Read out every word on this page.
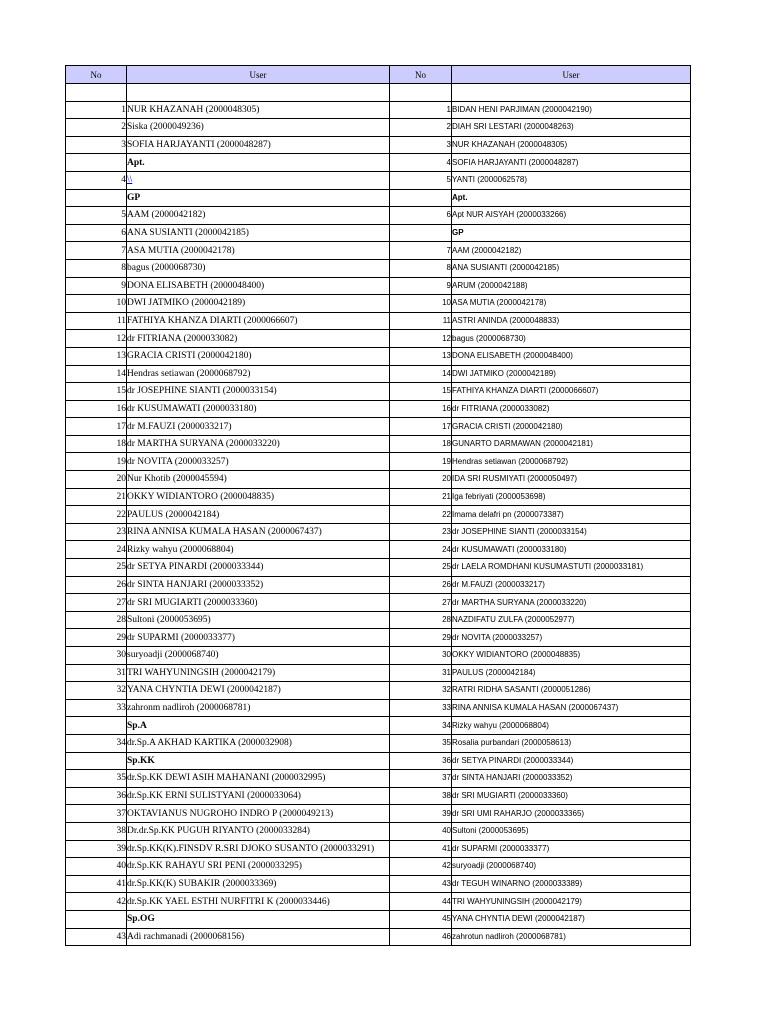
No	User	No	User

1	NUR KHAZANAH (2000048305)	1	BIDAN HENI PARJIMAN (2000042190)
2	Siska (2000049236)	2	DIAH SRI LESTARI (2000048263)
3	SOFIA HARJAYANTI (2000048287)	3	NUR KHAZANAH (2000048305)
	Apt.	4	SOFIA HARJAYANTI (2000048287)
4	\\	5	YANTI (2000062578)
	GP		Apt.
5	AAM (2000042182)	6	Apt NUR AISYAH (2000033266)
6	ANA SUSIANTI (2000042185)		GP
7	ASA MUTIA (2000042178)	7	AAM (2000042182)
8	bagus (2000068730)	8	ANA SUSIANTI (2000042185)
9	DONA ELISABETH (2000048400)	9	ARUM (2000042188)
10	DWI JATMIKO (2000042189)	10	ASA MUTIA (2000042178)
11	FATHIYA KHANZA DIARTI (2000066607)	11	ASTRI ANINDA (2000048833)
12	dr FITRIANA (2000033082)	12	bagus (2000068730)
13	GRACIA CRISTI (2000042180)	13	DONA ELISABETH (2000048400)
14	Hendras setiawan (2000068792)	14	DWI JATMIKO (2000042189)
15	dr JOSEPHINE SIANTI (2000033154)	15	FATHIYA KHANZA DIARTI (2000066607)
16	dr KUSUMAWATI (2000033180)	16	dr FITRIANA (2000033082)
17	dr M.FAUZI (2000033217)	17	GRACIA CRISTI (2000042180)
18	dr MARTHA SURYANA (2000033220)	18	GUNARTO DARMAWAN (2000042181)
19	dr NOVITA (2000033257)	19	Hendras setiawan (2000068792)
20	Nur Khotib (2000045594)	20	IDA SRI RUSMIYATI (2000050497)
21	OKKY WIDIANTORO (2000048835)	21	Iga febriyati (2000053698)
22	PAULUS (2000042184)	22	Imama delafri pn (2000073387)
23	RINA ANNISA KUMALA HASAN (2000067437)	23	dr JOSEPHINE SIANTI (2000033154)
24	Rizky wahyu (2000068804)	24	dr KUSUMAWATI (2000033180)
25	dr SETYA PINARDI (2000033344)	25	dr LAELA ROMDHANI KUSUMASTUTI (2000033181)
26	dr SINTA HANJARI (2000033352)	26	dr M.FAUZI (2000033217)
27	dr SRI MUGIARTI (2000033360)	27	dr MARTHA SURYANA (2000033220)
28	Sultoni (2000053695)	28	NAZDIFATU ZULFA (2000052977)
29	dr SUPARMI (2000033377)	29	dr NOVITA (2000033257)
30	suryoadji (2000068740)	30	OKKY WIDIANTORO (2000048835)
31	TRI WAHYUNINGSIH (2000042179)	31	PAULUS (2000042184)
32	YANA CHYNTIA DEWI (2000042187)	32	RATRI RIDHA SASANTI (2000051286)
33	zahronm nadliroh (2000068781)	33	RINA ANNISA KUMALA HASAN (2000067437)
	Sp.A	34	Rizky wahyu (2000068804)
34	dr.Sp.A AKHAD KARTIKA (2000032908)	35	Rosalia purbandari (2000058613)
	Sp.KK	36	dr SETYA PINARDI (2000033344)
35	dr.Sp.KK DEWI ASIH MAHANANI (2000032995)	37	dr SINTA HANJARI (2000033352)
36	dr.Sp.KK ERNI SULISTYANI (2000033064)	38	dr SRI MUGIARTI (2000033360)
37	OKTAVIANUS NUGROHO INDRO P (2000049213)	39	dr SRI UMI RAHARJO (2000033365)
38	Dr.dr.Sp.KK PUGUH RIYANTO (2000033284)	40	Sultoni (2000053695)
39	dr.Sp.KK(K).FINSDV R.SRI DJOKO SUSANTO (2000033291)	41	dr SUPARMI (2000033377)
40	dr.Sp.KK RAHAYU SRI PENI (2000033295)	42	suryoadji (2000068740)
41	dr.Sp.KK(K) SUBAKIR (2000033369)	43	dr TEGUH WINARNO (2000033389)
42	dr.Sp.KK YAEL ESTHI NURFITRI K (2000033446)	44	TRI WAHYUNINGSIH (2000042179)
	Sp.OG	45	YANA CHYNTIA DEWI (2000042187)
43	Adi rachmanadi (2000068156)	46	zahrotun nadliroh (2000068781)
